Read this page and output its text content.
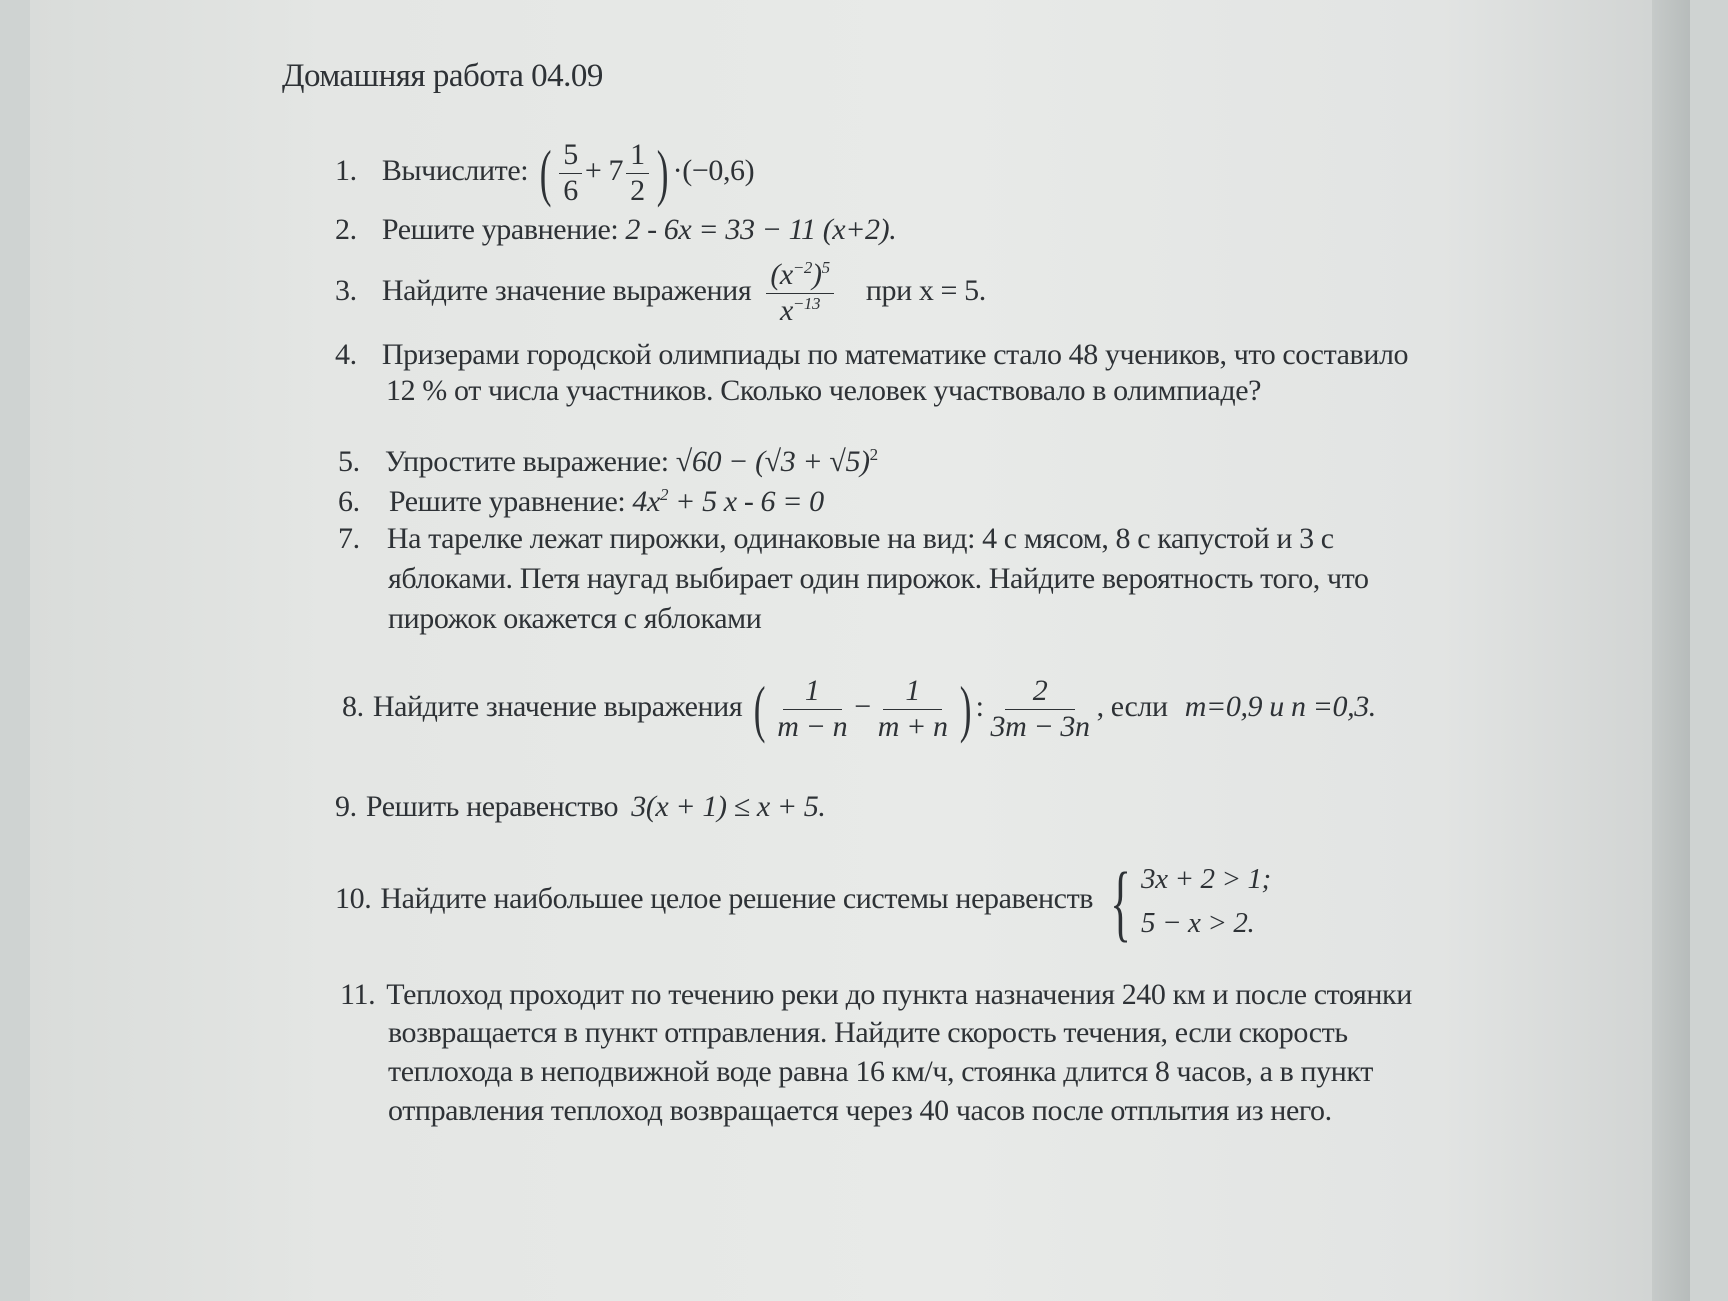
Домашняя работа 04.09
1. Вычислите: ( $\frac{5}{6} + 7 \frac{1}{2}$ ) ·(−0,6)
2. Решите уравнение: 2 - 6x = 33 − 11 (x+2).
3. Найдите значение выражения $\frac{(x^{-2})^5}{x^{-13}}$ при x = 5.
4. Призерами городской олимпиады по математике стало 48 учеников, что составило
12 % от числа участников. Сколько человек участвовало в олимпиаде?
5. Упростите выражение: $√60 - (√3 + √5)^2$
6. Решите уравнение: $4x^2 + 5$ x - 6 = 0
7. На тарелке лежат пирожки, одинаковые на вид: 4 с мясом, 8 с капустой и 3 с
яблоками. Петя наугад выбирает один пирожок. Найдите вероятность того, что
пирожок окажется с яблоками
8. Найдите значение выражения ( $\frac{1}{m - n} - \frac{1}{m + n}$ ) : $\frac{2}{3m - 3n}$ , если m=0,9 и n =0,3.
9. Решить неравенство 3(x + 1) ≤ x + 5.
10. Найдите наибольшее целое решение системы неравенств { 3x + 2 > 1;
5 − x > 2.
11. Теплоход проходит по течению реки до пункта назначения 240 км и после стоянки
возвращается в пункт отправления. Найдите скорость течения, если скорость
теплохода в неподвижной воде равна 16 км/ч, стоянка длится 8 часов, а в пункт
отправления теплоход возвращается через 40 часов после отплытия из него.
